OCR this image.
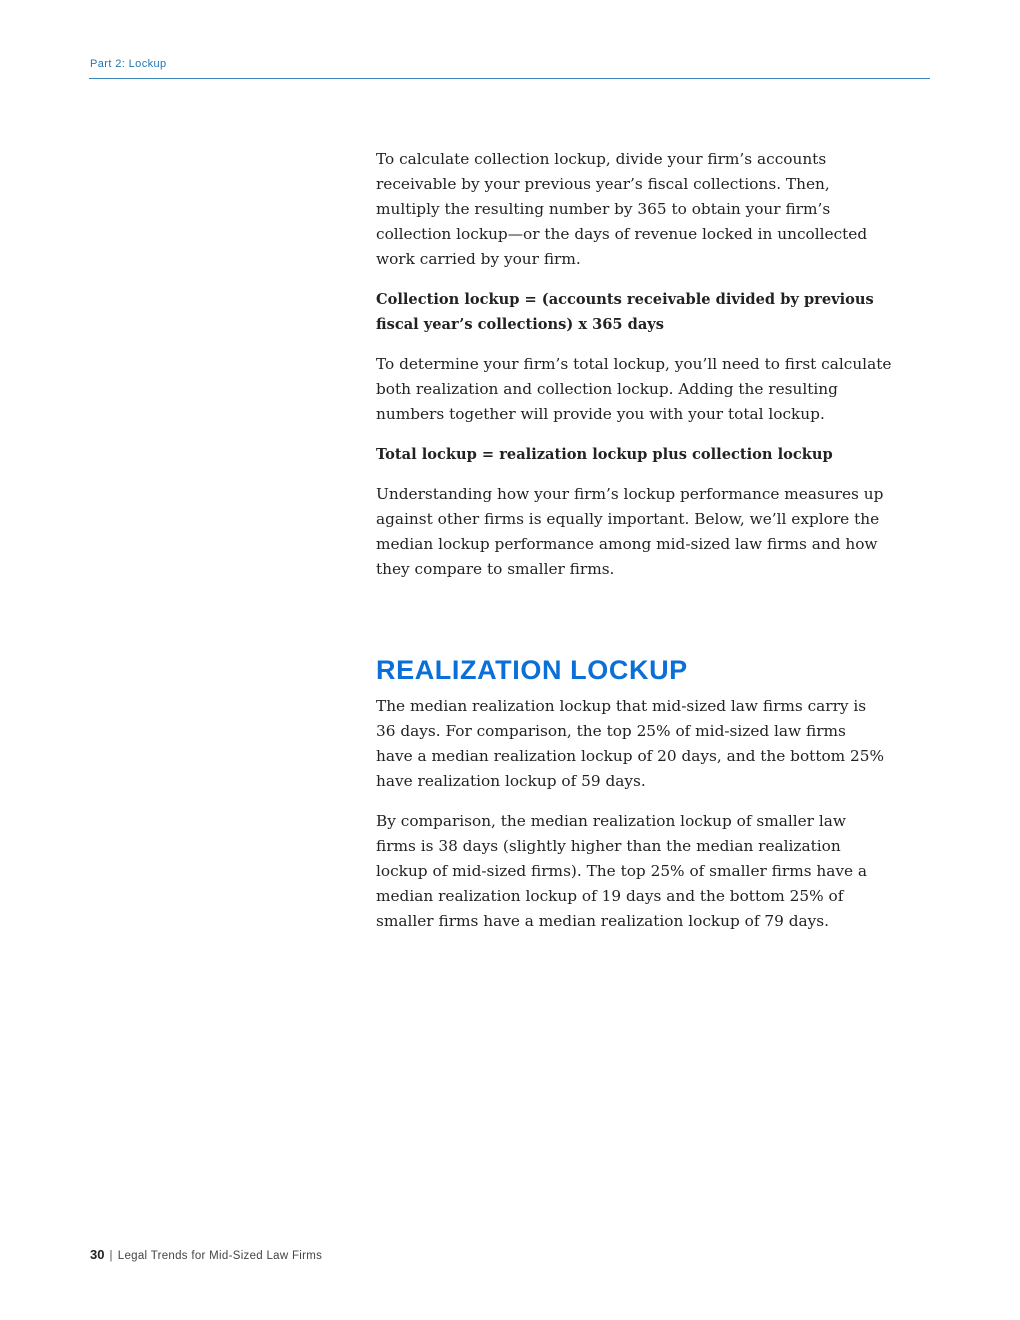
Part 2: Lockup

To calculate collection lockup, divide your firm’s accounts receivable by your previous year’s fiscal collections. Then, multiply the resulting number by 365 to obtain your firm’s collection lockup—or the days of revenue locked in uncollected work carried by your firm.

Collection lockup = (accounts receivable divided by previous fiscal year’s collections) x 365 days

To determine your firm’s total lockup, you’ll need to first calculate both realization and collection lockup. Adding the resulting numbers together will provide you with your total lockup.

Total lockup = realization lockup plus collection lockup

Understanding how your firm’s lockup performance measures up against other firms is equally important. Below, we’ll explore the median lockup performance among mid-sized law firms and how they compare to smaller firms.

REALIZATION LOCKUP

The median realization lockup that mid-sized law firms carry is 36 days. For comparison, the top 25% of mid-sized law firms have a median realization lockup of 20 days, and the bottom 25% have realization lockup of 59 days.

By comparison, the median realization lockup of smaller law firms is 38 days (slightly higher than the median realization lockup of mid-sized firms). The top 25% of smaller firms have a median realization lockup of 19 days and the bottom 25% of smaller firms have a median realization lockup of 79 days.

30 | Legal Trends for Mid-Sized Law Firms
